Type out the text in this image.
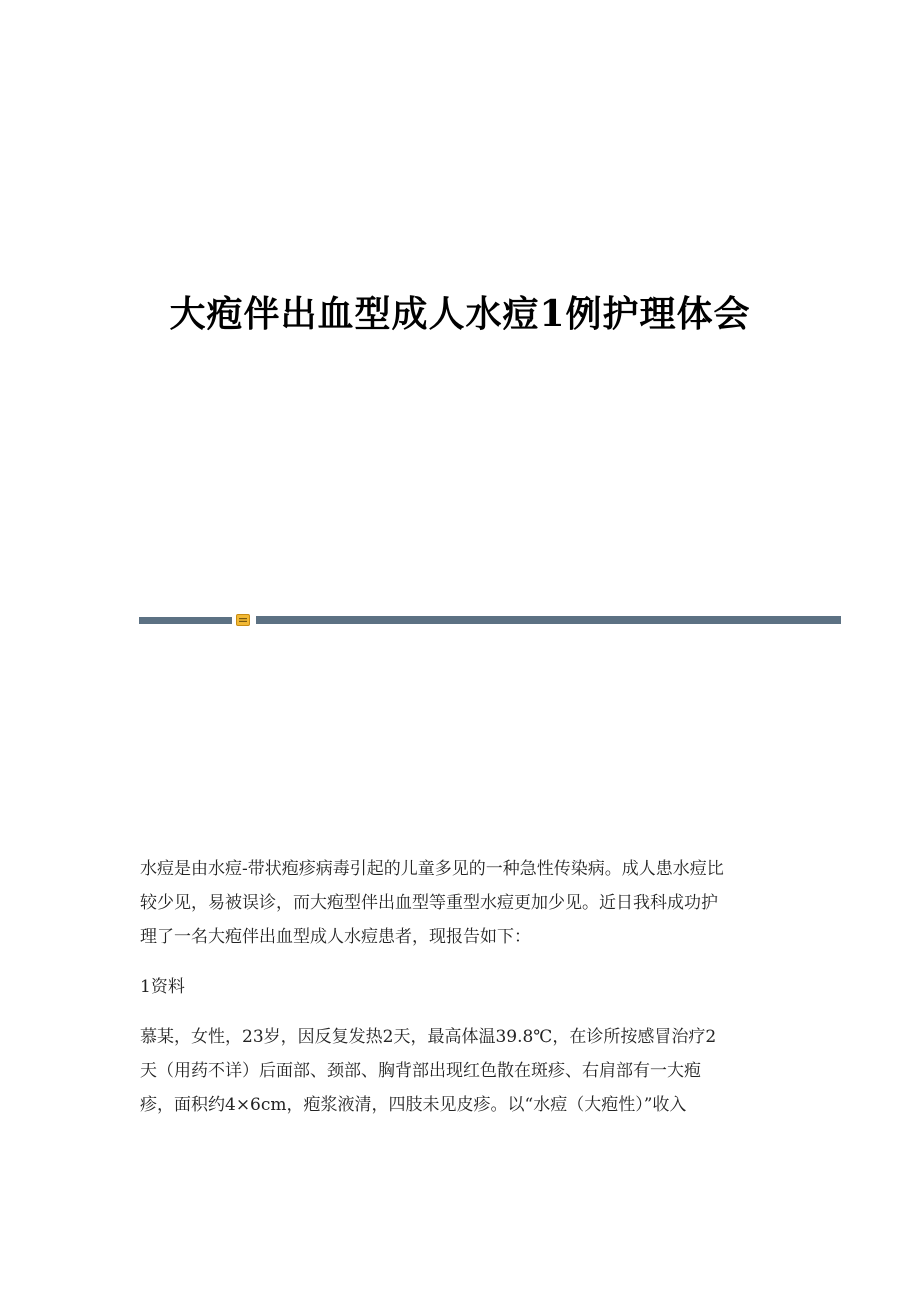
大疱伴出血型成人水痘1例护理体会

水痘是由水痘-带状疱疹病毒引起的儿童多见的一种急性传染病。成人患水痘比

较少见，易被误诊，而大疱型伴出血型等重型水痘更加少见。近日我科成功护

理了一名大疱伴出血型成人水痘患者，现报告如下：

1资料

慕某，女性，23岁，因反复发热2天，最高体温39.8℃，在诊所按感冒治疗2

天（用药不详）后面部、颈部、胸背部出现红色散在斑疹、右肩部有一大疱

疹，面积约4×6cm，疱浆液清，四肢未见皮疹。以“水痘（大疱性）”收入
